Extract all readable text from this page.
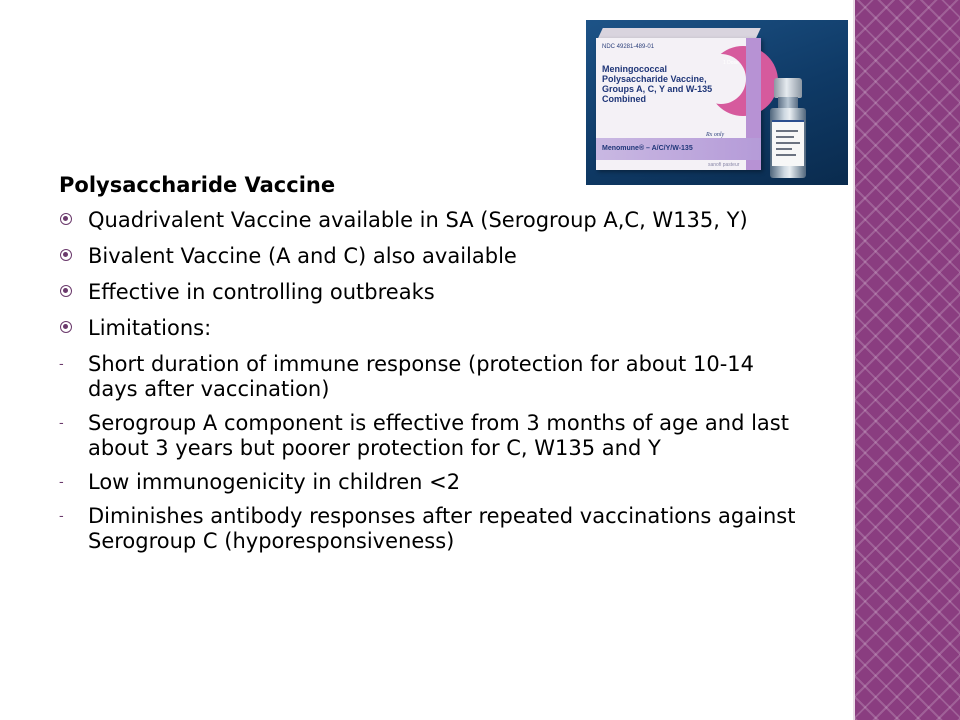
NDC 49281-489-01
1 Dose
Meningococcal Polysaccharide Vaccine, Groups A, C, Y and W-135 Combined
Rx only
Menomune® – A/C/Y/W-135
sanofi pasteur
Polysaccharide Vaccine
Quadrivalent Vaccine available in SA (Serogroup A,C, W135, Y)
Bivalent Vaccine (A and C) also available
Effective in controlling outbreaks
Limitations:
- Short duration of immune response (protection for about 10-14 days after vaccination)
- Serogroup A component is effective from 3 months of age and last about 3 years but poorer protection for C, W135 and Y
- Low immunogenicity in children <2
- Diminishes antibody responses after repeated vaccinations against Serogroup C (hyporesponsiveness)
